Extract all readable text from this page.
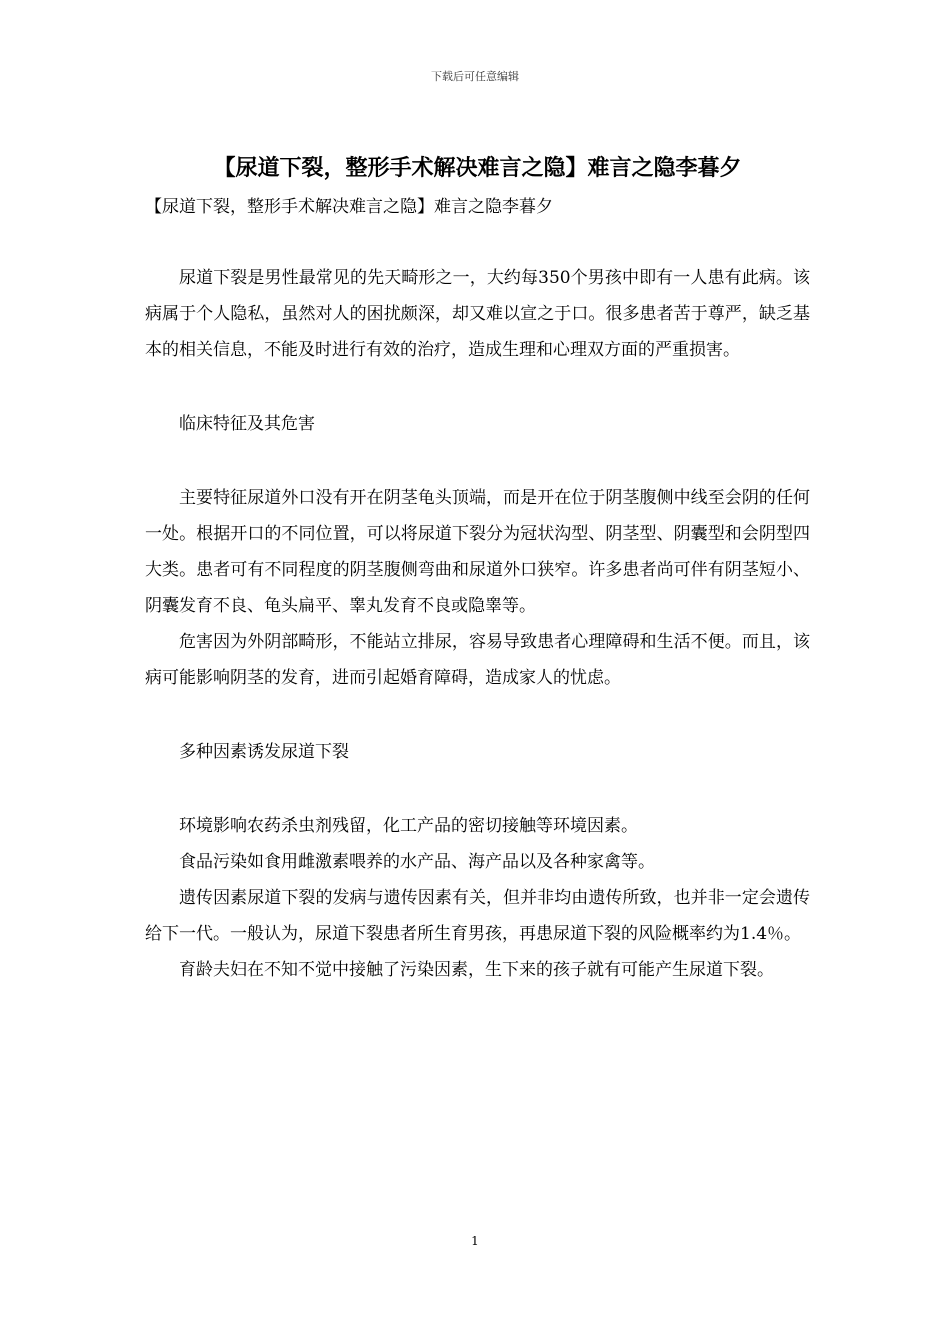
下载后可任意编辑
【尿道下裂，整形手术解决难言之隐】难言之隐李暮夕

【尿道下裂，整形手术解决难言之隐】难言之隐李暮夕

尿道下裂是男性最常见的先天畸形之一，大约每350个男孩中即有一人患有此病。该病属于个人隐私，虽然对人的困扰颇深，却又难以宣之于口。很多患者苦于尊严，缺乏基本的相关信息，不能及时进行有效的治疗，造成生理和心理双方面的严重损害。

临床特征及其危害

主要特征尿道外口没有开在阴茎龟头顶端，而是开在位于阴茎腹侧中线至会阴的任何一处。根据开口的不同位置，可以将尿道下裂分为冠状沟型、阴茎型、阴囊型和会阴型四大类。患者可有不同程度的阴茎腹侧弯曲和尿道外口狭窄。许多患者尚可伴有阴茎短小、阴囊发育不良、龟头扁平、睾丸发育不良或隐睾等。

危害因为外阴部畸形，不能站立排尿，容易导致患者心理障碍和生活不便。而且，该病可能影响阴茎的发育，进而引起婚育障碍，造成家人的忧虑。

多种因素诱发尿道下裂

环境影响农药杀虫剂残留，化工产品的密切接触等环境因素。

食品污染如食用雌激素喂养的水产品、海产品以及各种家禽等。

遗传因素尿道下裂的发病与遗传因素有关，但并非均由遗传所致，也并非一定会遗传给下一代。一般认为，尿道下裂患者所生育男孩，再患尿道下裂的风险概率约为1.4％。

育龄夫妇在不知不觉中接触了污染因素，生下来的孩子就有可能产生尿道下裂。

1
